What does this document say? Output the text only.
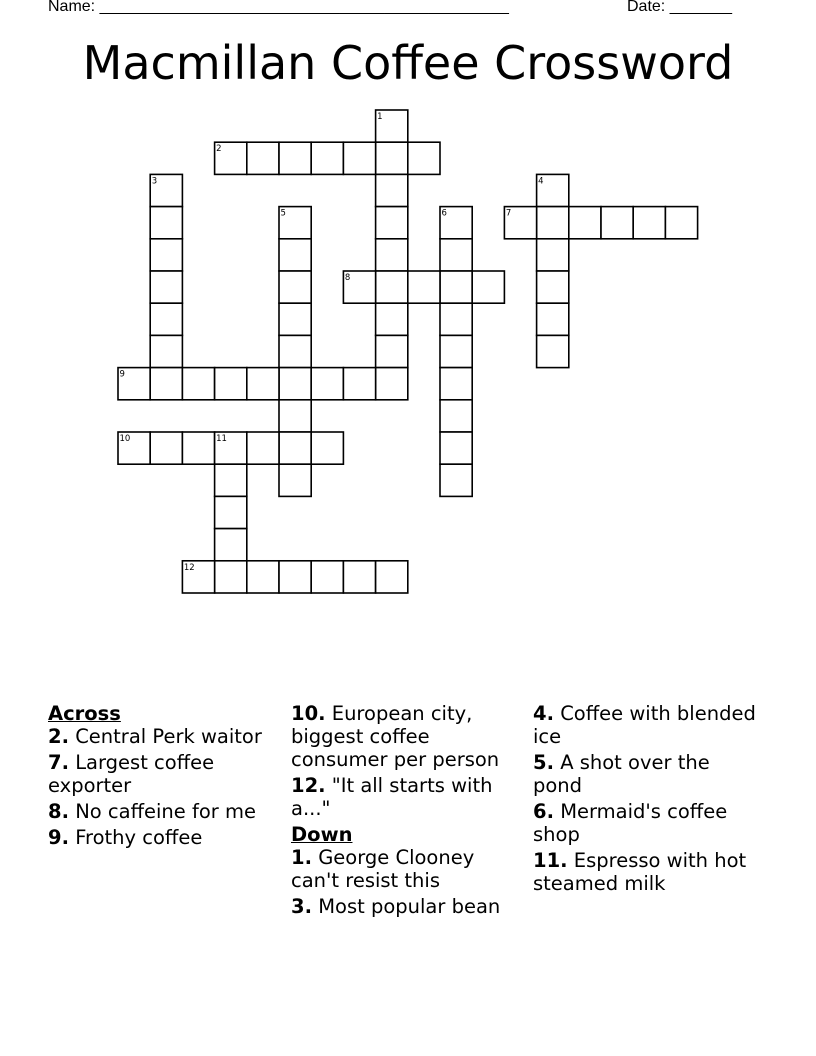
Name: ______________________________________________	Date: _______
Macmillan Coffee Crossword
1
2
3	4
5	6	7
8
9
10	11
12
Across
2. Central Perk waitor
7. Largest coffee exporter
8. No caffeine for me
9. Frothy coffee
10. European city, biggest coffee consumer per person
12. "It all starts with a..."
Down
1. George Clooney can't resist this
3. Most popular bean
4. Coffee with blended ice
5. A shot over the pond
6. Mermaid's coffee shop
11. Espresso with hot steamed milk
